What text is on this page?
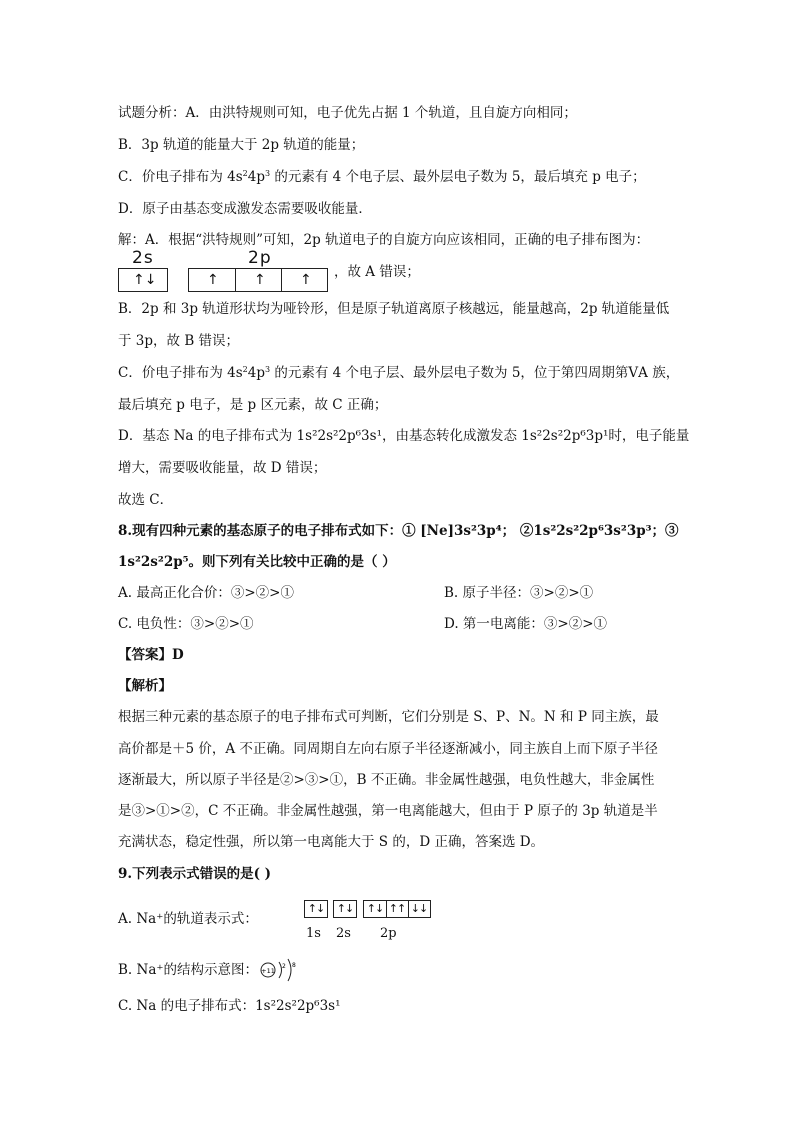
试题分析：A．由洪特规则可知，电子优先占据 1 个轨道，且自旋方向相同；
B．3p 轨道的能量大于 2p 轨道的能量；
C．价电子排布为 $4s^24p^3$ 的元素有 4 个电子层、最外层电子数为 5，最后填充 p 电子；
D．原子由基态变成激发态需要吸收能量．
解：A．根据“洪特规则”可知，2p 轨道电子的自旋方向应该相同，正确的电子排布图为：
2s	2p
↑↓	↑	↑ ↑ ，故 A 错误；
B．2p 和 3p 轨道形状均为哑铃形，但是原子轨道离原子核越远，能量越高，2p 轨道能量低
于 3p，故 B 错误；
C．价电子排布为 $4s^24p^3$ 的元素有 4 个电子层、最外层电子数为 5，位于第四周期第ⅤA 族，
最后填充 p 电子，是 p 区元素，故 C 正确；
D．基态 Na 的电子排布式为 1s²2s²2p⁶3s¹，由基态转化成激发态 1s²2s²2p⁶3p¹时，电子能量
增大，需要吸收能量，故 D 错误；
故选 C．
8.现有四种元素的基态原子的电子排布式如下：① [Ne]3s²3p⁴； ②1s²2s²2p⁶3s²3p³；③
1s²2s²2p⁵。则下列有关比较中正确的是（ ）
A. 最高正化合价：③>②>①	B. 原子半径：③>②>①
C. 电负性：③>②>①	D. 第一电离能：③>②>①
【答案】D
【解析】
根据三种元素的基态原子的电子排布式可判断，它们分别是 S、P、N。N 和 P 同主族，最
高价都是＋5 价，A 不正确。同周期自左向右原子半径逐渐减小，同主族自上而下原子半径
逐渐最大，所以原子半径是②>③>①，B 不正确。非金属性越强，电负性越大，非金属性
是③>①>②，C 不正确。非金属性越强，第一电离能越大，但由于 P 原子的 3p 轨道是半
充满状态，稳定性强，所以第一电离能大于 S 的，D 正确，答案选 D。
9.下列表示式错误的是( )
A. Na⁺的轨道表示式：
↑↓	↑↓	↑↓ ↑↑ ↓↓
1s 2s 2p
B. Na⁺的结构示意图： +11
2 8
C. Na 的电子排布式：1s²2s²2p⁶3s¹
